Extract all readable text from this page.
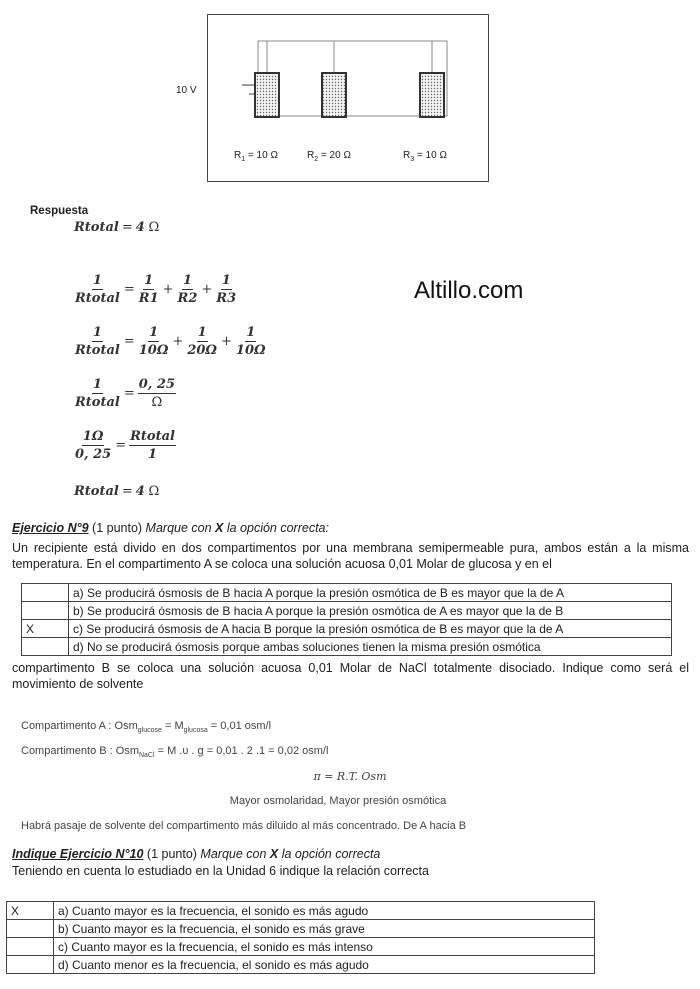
10 V
$R_1 = 10$ Ω	$R_2 = 20$ Ω	$R_3 = 10$ Ω
Respuesta
Rtotal = 4
Ω
$\frac{1}{\text{Rtotal}} = \frac{1}{R1} + \frac{1}{R2} + \frac{1}{R3}$
$\frac{1}{\text{Rtotal}} = \frac{1}{10\Omega} + \frac{1}{20\Omega} + \frac{1}{10\Omega}$
$\frac{1}{\text{Rtotal}} = \frac{0, 25}{\Omega}$
$\frac{1\Omega}{0, 25} = \frac{\text{Rtotal}}{1}$
Rtotal = 4
Ω
Altillo.com
Ejercicio N°9 (1 punto) Marque con X la opción correcta:
Un recipiente está divido en dos compartimentos por una membrana semipermeable pura, ambos están a la misma temperatura. En el compartimento A se coloca una solución acuosa 0,01 Molar de glucosa y en el
	a) Se producirá ósmosis de B hacia A porque la presión osmótica de B es mayor que la de A
	b) Se producirá ósmosis de B hacia A porque la presión osmótica de A es mayor que la de B
X	c) Se producirá ósmosis de A hacia B porque la presión osmótica de B es mayor que la de A
	d) No se producirá ósmosis porque ambas soluciones tienen la misma presión osmótica
compartimento B se coloca una solución acuosa 0,01 Molar de NaCl totalmente disociado. Indique como será el movimiento de solvente
Compartimento A : $Osm_{glucose} = M_{glucosa} = 0,01$ osm/l
Compartimento B : Osm$_{NaCl}$ = M .υ . g = 0,01 . 2 .1 = 0,02 osm/l
π = R.T. Osm
Mayor osmolaridad, Mayor presión osmótica
Habrá pasaje de solvente del compartimento más diluido al más concentrado. De A hacia B
Indique Ejercicio N°10 (1 punto) Marque con X la opción correcta
Teniendo en cuenta lo estudiado en la Unidad 6 indique la relación correcta
X	a) Cuanto mayor es la frecuencia, el sonido es más agudo
	b) Cuanto mayor es la frecuencia, el sonido es más grave
	c) Cuanto mayor es la frecuencia, el sonido es más intenso
	d) Cuanto menor es la frecuencia, el sonido es más agudo
